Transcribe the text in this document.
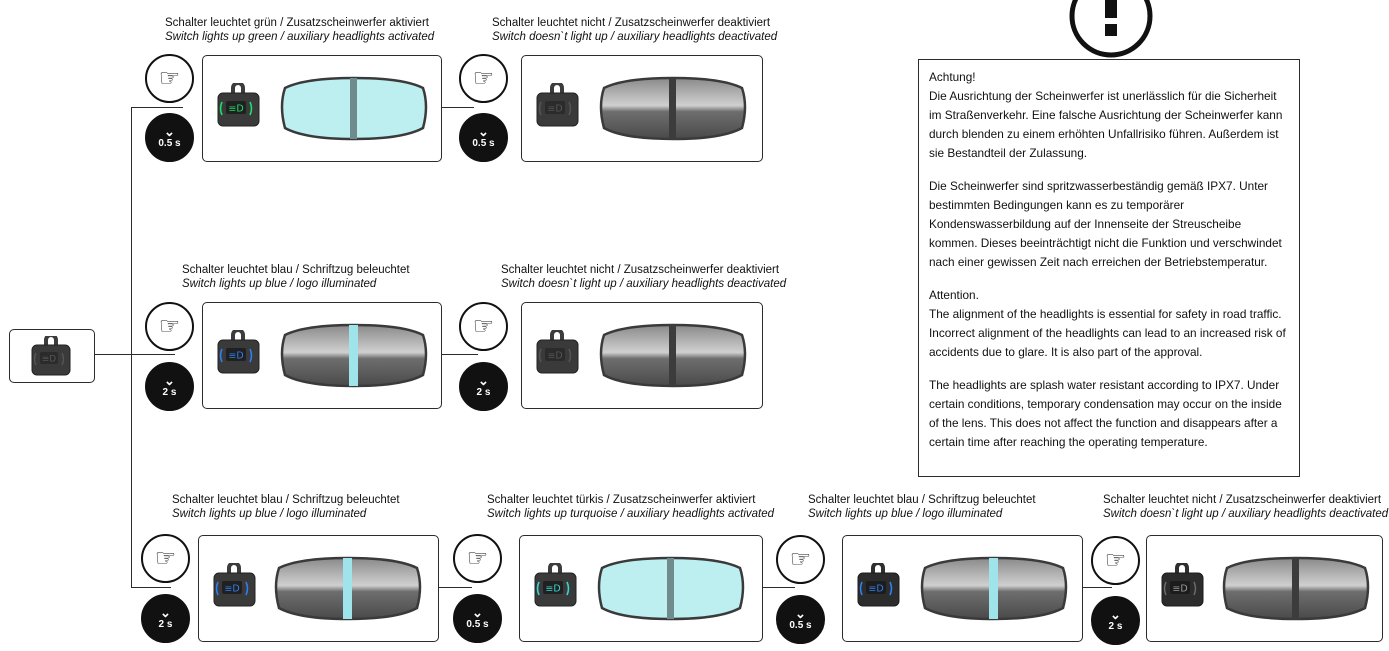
≡D
Schalter leuchtet grün / Zusatzscheinwerfer aktiviert
Switch lights up green / auxiliary headlights activated
☞
⌄
0.5 s
≡D
Schalter leuchtet nicht / Zusatzscheinwerfer deaktiviert
Switch doesn`t light up / auxiliary headlights deactivated
☞
⌄
0.5 s
≡D
Schalter leuchtet blau / Schriftzug beleuchtet
Switch lights up blue / logo illuminated
☞
⌄
2 s
≡D
Schalter leuchtet nicht / Zusatzscheinwerfer deaktiviert
Switch doesn`t light up / auxiliary headlights deactivated
☞
⌄
2 s
≡D
Schalter leuchtet blau / Schriftzug beleuchtet
Switch lights up blue / logo illuminated
☞
⌄
2 s
≡D
Schalter leuchtet türkis / Zusatzscheinwerfer aktiviert
Switch lights up turquoise / auxiliary headlights activated
☞
⌄
0.5 s
≡D
Schalter leuchtet blau / Schriftzug beleuchtet
Switch lights up blue / logo illuminated
☞
⌄
0.5 s
≡D
Schalter leuchtet nicht / Zusatzscheinwerfer deaktiviert
Switch doesn`t light up / auxiliary headlights deactivated
☞
⌄
2 s
≡D

Achtung!

Die Ausrichtung der Scheinwerfer ist unerlässlich für die Sicherheit im Straßenverkehr. Eine falsche Ausrichtung der Scheinwerfer kann durch blenden zu einem erhöhten Unfallrisiko führen. Außerdem ist sie Bestandteil der Zulassung.

Die Scheinwerfer sind spritzwasserbeständig gemäß IPX7. Unter bestimmten Bedingungen kann es zu temporärer Kondenswasserbildung auf der Innenseite der Streuscheibe kommen. Dieses beeinträchtigt nicht die Funktion und verschwindet nach einer gewissen Zeit nach erreichen der Betriebstemperatur.

Attention.

The alignment of the headlights is essential for safety in road traffic. Incorrect alignment of the headlights can lead to an increased risk of accidents due to glare. It is also part of the approval.

The headlights are splash water resistant according to IPX7. Under certain conditions, temporary condensation may occur on the inside of the lens. This does not affect the function and disappears after a certain time after reaching the operating temperature.
